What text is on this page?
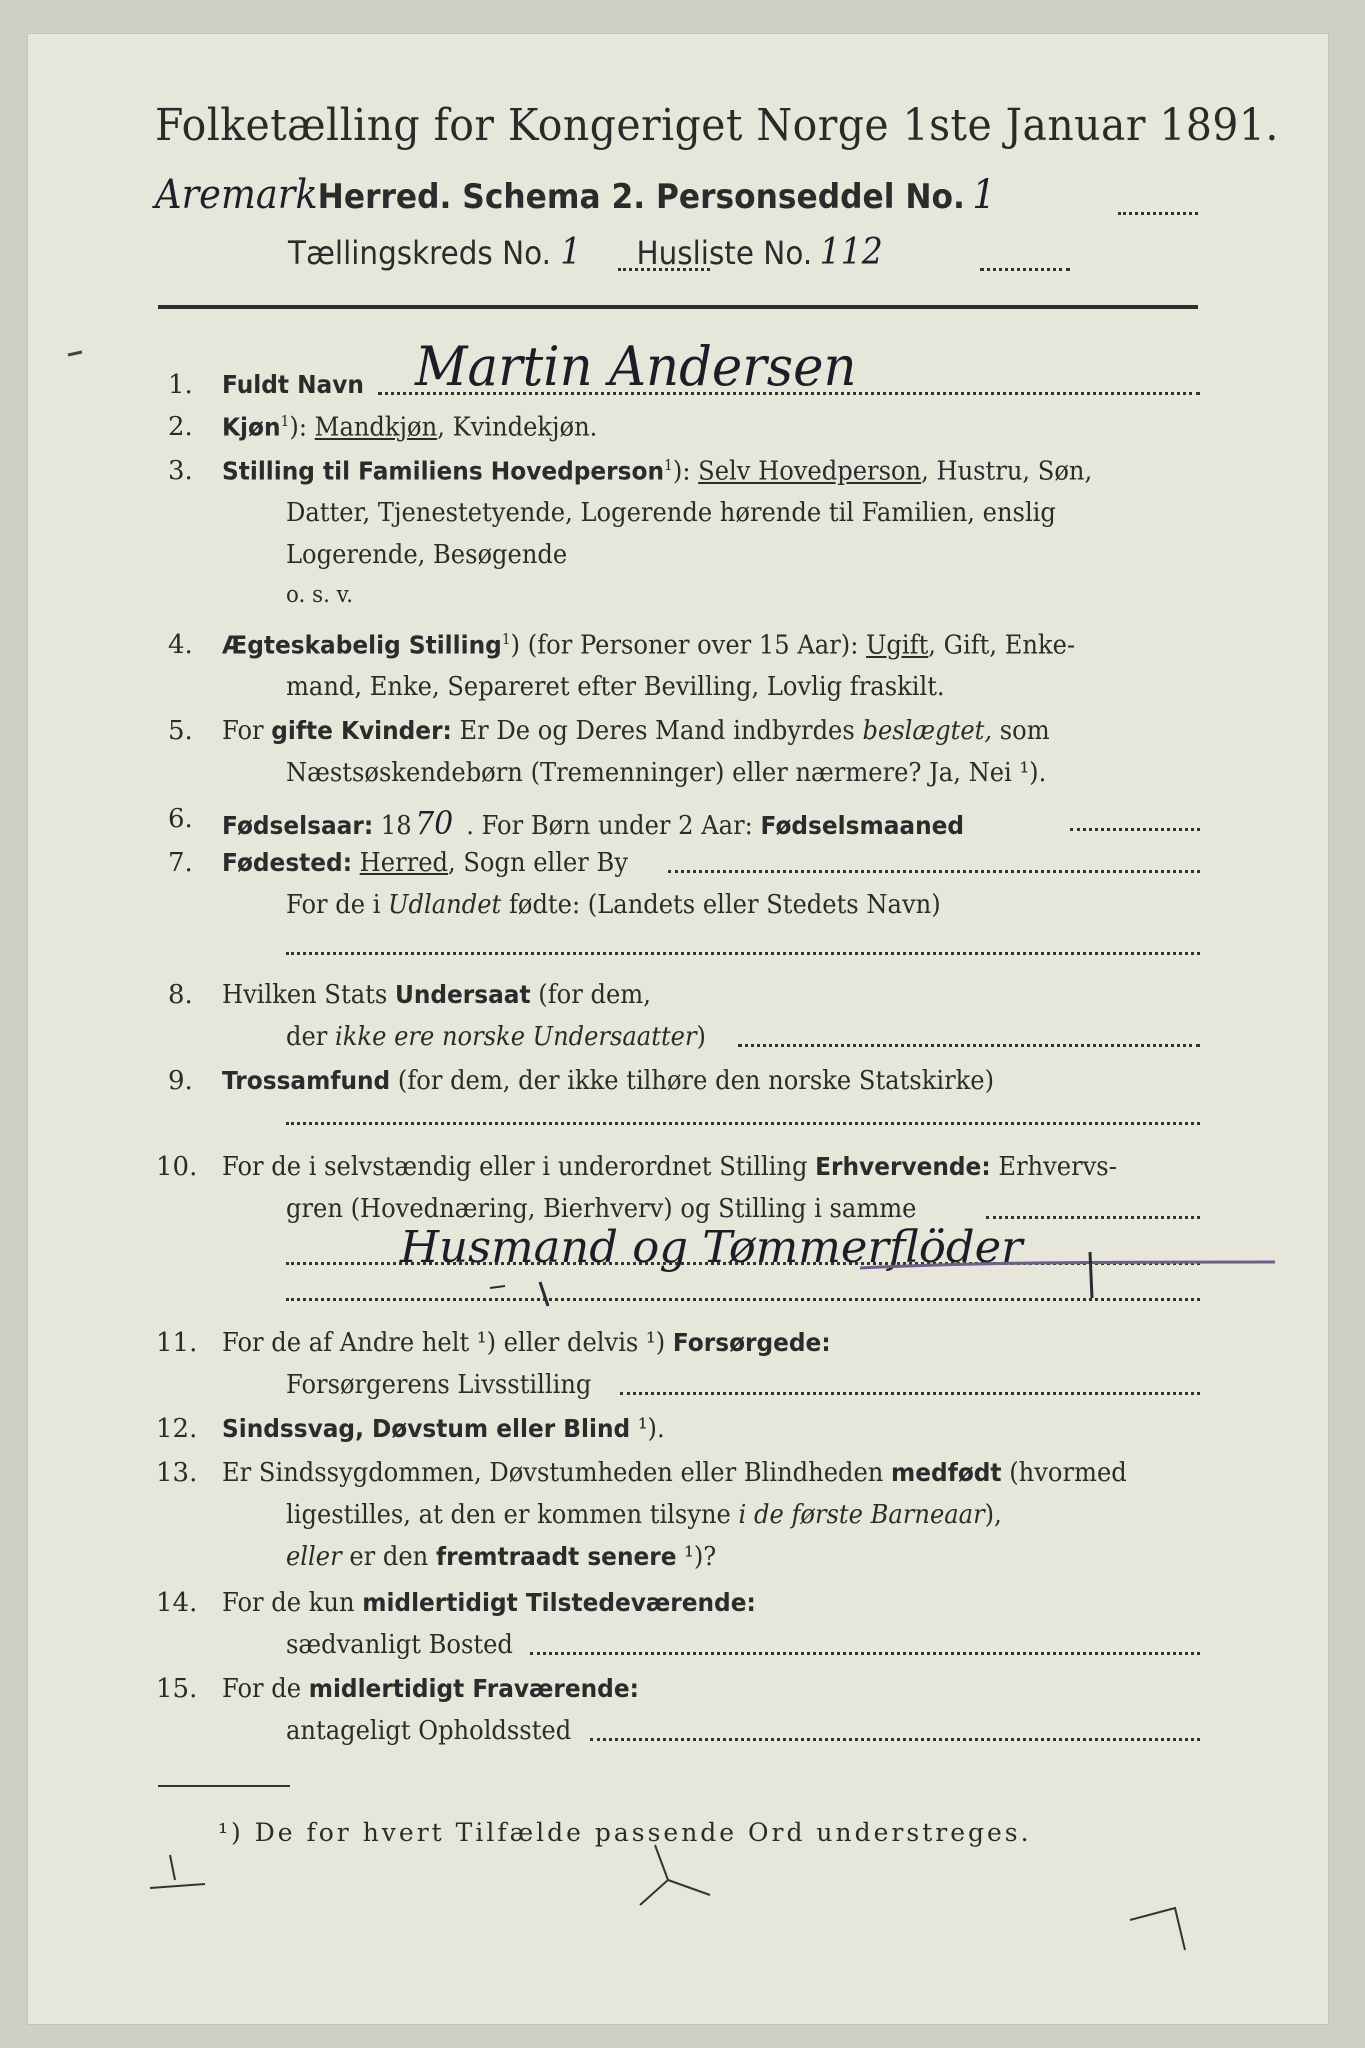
Folketælling for Kongeriget Norge 1ste Januar 1891.
AremarkHerred. Schema 2. Personseddel No. 1
Tællingskreds No. 1 Husliste No. 112
1. Fuldt Navn Martin Andersen
2. Kjøn$^1$): Mandkjøn, Kvindekjøn.
3. Stilling til Familiens Hovedperson$^1$): Selv Hovedperson, Hustru, Søn,
Datter, Tjenestetyende, Logerende hørende til Familien, enslig
Logerende, Besøgende
o. s. v.
4. Ægteskabelig Stilling$^1$) (for Personer over 15 Aar): Ugift, Gift, Enke-
mand, Enke, Separeret efter Bevilling, Lovlig fraskilt.
5. For gifte Kvinder: Er De og Deres Mand indbyrdes beslægtet, som
Næstsøskendebørn (Tremenninger) eller nærmere? Ja, Nei ¹).
6. Fødselsaar: 18 70 . For Børn under 2 Aar: Fødselsmaaned
7. Fødested: Herred, Sogn eller By
For de i Udlandet fødte: (Landets eller Stedets Navn)
8. Hvilken Stats Undersaat (for dem,
der ikke ere norske Undersaatter)
9. Trossamfund (for dem, der ikke tilhøre den norske Statskirke)
10. For de i selvstændig eller i underordnet Stilling Erhvervende: Erhvervs-
gren (Hovednæring, Bierhverv) og Stilling i samme
Husmand og Tømmerflöder
11. For de af Andre helt ¹) eller delvis ¹) Forsørgede:
Forsørgerens Livsstilling
12. Sindssvag, Døvstum eller Blind ¹).
13. Er Sindssygdommen, Døvstumheden eller Blindheden medfødt (hvormed
ligestilles, at den er kommen tilsyne i de første Barneaar),
eller er den fremtraadt senere ¹)?
14. For de kun midlertidigt Tilstedeværende:
sædvanligt Bosted
15. For de midlertidigt Fraværende:
antageligt Opholdssted
¹) De for hvert Tilfælde passende Ord understreges.
